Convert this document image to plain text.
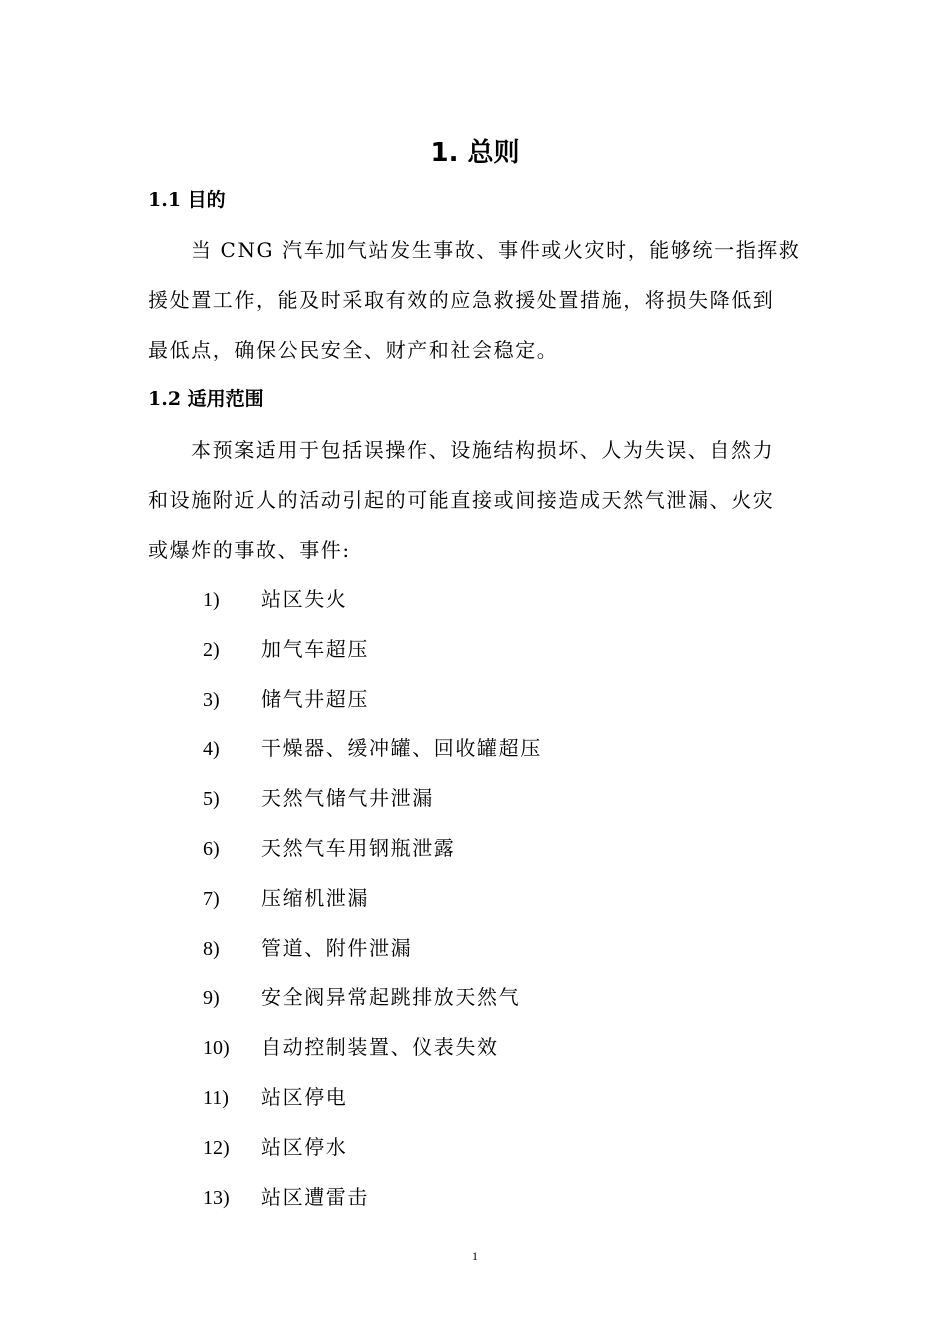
1. 总则
1.1 目的

当 CNG 汽车加气站发生事故、事件或火灾时，能够统一指挥救
援处置工作，能及时采取有效的应急救援处置措施，将损失降低到
最低点，确保公民安全、财产和社会稳定。

1.2 适用范围

本预案适用于包括误操作、设施结构损坏、人为失误、自然力
和设施附近人的活动引起的可能直接或间接造成天然气泄漏、火灾
或爆炸的事故、事件:

1) 站区失火
2) 加气车超压
3) 储气井超压
4) 干燥器、缓冲罐、回收罐超压
5) 天然气储气井泄漏
6) 天然气车用钢瓶泄露
7) 压缩机泄漏
8) 管道、附件泄漏
9) 安全阀异常起跳排放天然气
10) 自动控制装置、仪表失效
11) 站区停电
12) 站区停水
13) 站区遭雷击
1
